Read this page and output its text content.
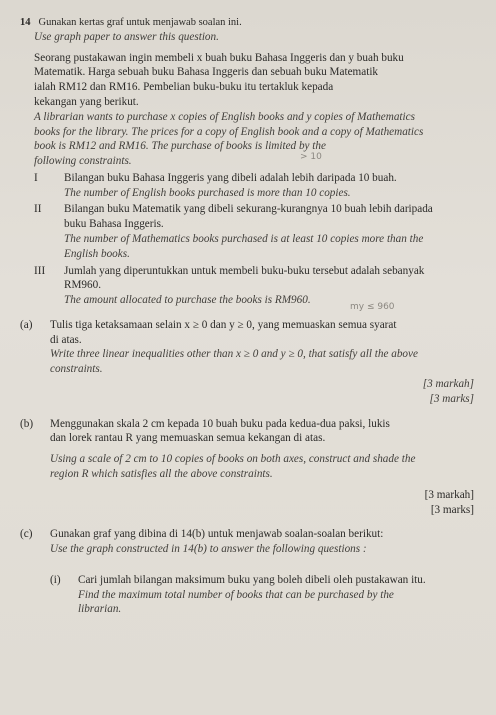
14 Gunakan kertas graf untuk menjawab soalan ini.

Use graph paper to answer this question.

Seorang pustakawan ingin membeli x buah buku Bahasa Inggeris dan y buah buku

Matematik. Harga sebuah buku Bahasa Inggeris dan sebuah buku Matematik

ialah RM12 dan RM16. Pembelian buku-buku itu tertakluk kepada

kekangan yang berikut.

A librarian wants to purchase x copies of English books and y copies of Mathematics

books for the library. The prices for a copy of English book and a copy of Mathematics

book is RM12 and RM16. The purchase of books is limited by the

following constraints.	> 10
I	Bilangan buku Bahasa Inggeris yang dibeli adalah lebih daripada 10 buah.

The number of English books purchased is more than 10 copies.

II	Bilangan buku Matematik yang dibeli sekurang-kurangnya 10 buah lebih daripada

buku Bahasa Inggeris.

The number of Mathematics books purchased is at least 10 copies more than the

English books.

III	Jumlah yang diperuntukkan untuk membeli buku-buku tersebut adalah sebanyak

RM960.

The amount allocated to purchase the books is RM960.

my ≤ 960
(a)	Tulis tiga ketaksamaan selain x ≥ 0 dan y ≥ 0, yang memuaskan semua syarat

di atas.

Write three linear inequalities other than x ≥ 0 and y ≥ 0, that satisfy all the above

constraints.

[3 markah]

[3 marks]

(b)	Menggunakan skala 2 cm kepada 10 buah buku pada kedua-dua paksi, lukis

dan lorek rantau R yang memuaskan semua kekangan di atas.

Using a scale of 2 cm to 10 copies of books on both axes, construct and shade the

region R which satisfies all the above constraints.

[3 markah]

[3 marks]

(c)	Gunakan graf yang dibina di 14(b) untuk menjawab soalan-soalan berikut:

Use the graph constructed in 14(b) to answer the following questions :

(i)	Cari jumlah bilangan maksimum buku yang boleh dibeli oleh pustakawan itu.

Find the maximum total number of books that can be purchased by the

librarian.
